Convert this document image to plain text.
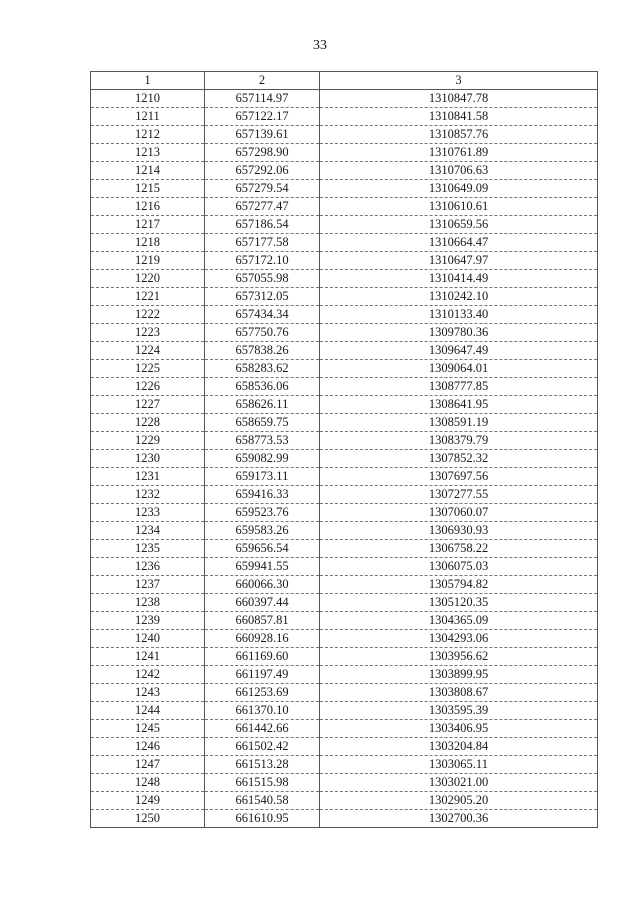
33
1	2	3
1210	657114.97	1310847.78
1211	657122.17	1310841.58
1212	657139.61	1310857.76
1213	657298.90	1310761.89
1214	657292.06	1310706.63
1215	657279.54	1310649.09
1216	657277.47	1310610.61
1217	657186.54	1310659.56
1218	657177.58	1310664.47
1219	657172.10	1310647.97
1220	657055.98	1310414.49
1221	657312.05	1310242.10
1222	657434.34	1310133.40
1223	657750.76	1309780.36
1224	657838.26	1309647.49
1225	658283.62	1309064.01
1226	658536.06	1308777.85
1227	658626.11	1308641.95
1228	658659.75	1308591.19
1229	658773.53	1308379.79
1230	659082.99	1307852.32
1231	659173.11	1307697.56
1232	659416.33	1307277.55
1233	659523.76	1307060.07
1234	659583.26	1306930.93
1235	659656.54	1306758.22
1236	659941.55	1306075.03
1237	660066.30	1305794.82
1238	660397.44	1305120.35
1239	660857.81	1304365.09
1240	660928.16	1304293.06
1241	661169.60	1303956.62
1242	661197.49	1303899.95
1243	661253.69	1303808.67
1244	661370.10	1303595.39
1245	661442.66	1303406.95
1246	661502.42	1303204.84
1247	661513.28	1303065.11
1248	661515.98	1303021.00
1249	661540.58	1302905.20
1250	661610.95	1302700.36
